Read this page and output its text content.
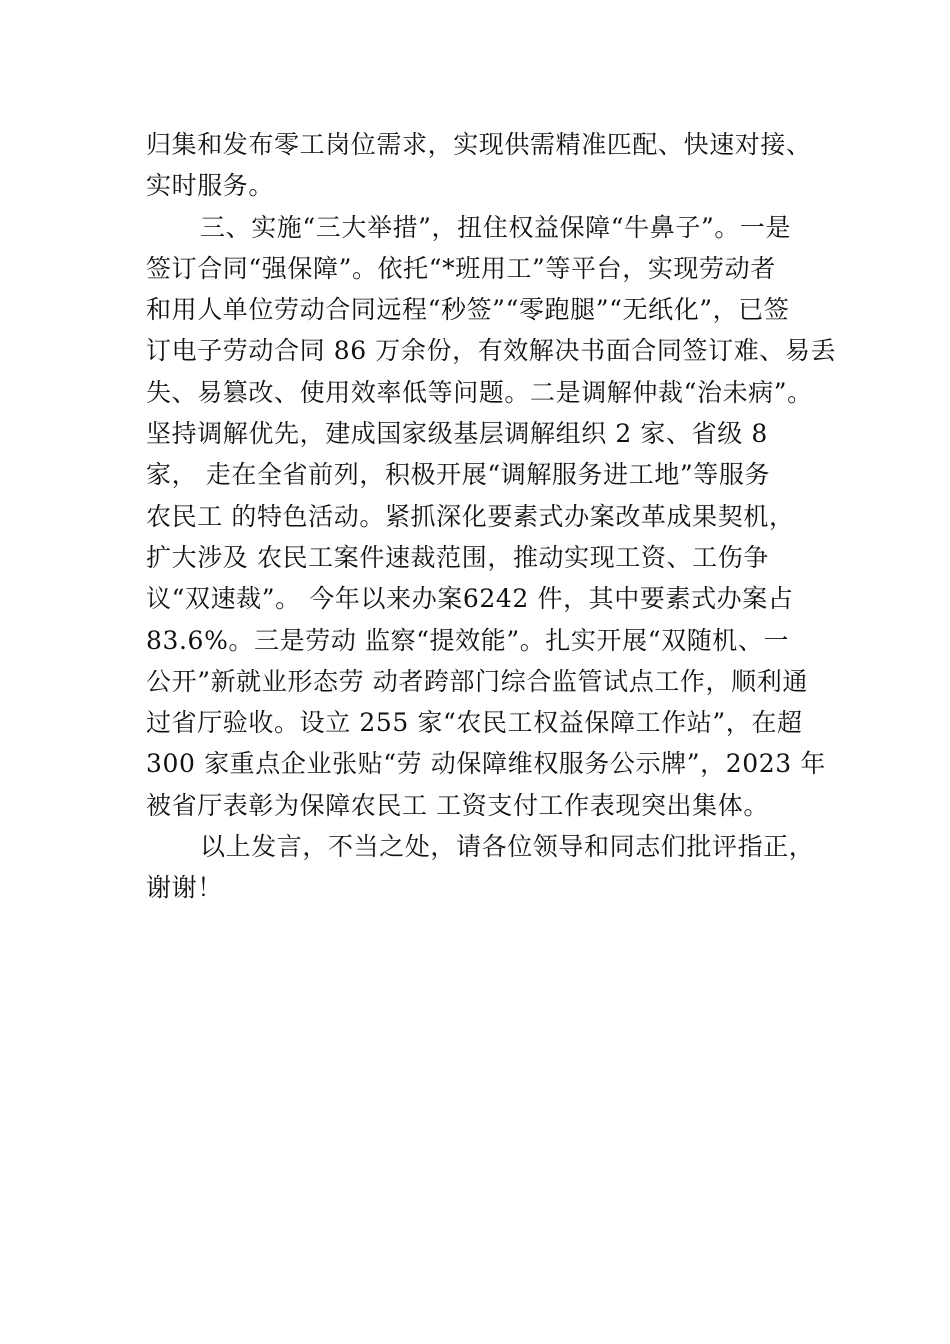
归集和发布零工岗位需求，实现供需精准匹配、快速对接、
实时服务。
三、实施“三大举措”，扭住权益保障“牛鼻子”。一是
签订合同“强保障”。依托“*班用工”等平台，实现劳动者
和用人单位劳动合同远程“秒签”“零跑腿”“无纸化”，已签
订电子劳动合同 86 万余份，有效解决书面合同签订难、易丢
失、易篡改、使用效率低等问题。二是调解仲裁“治未病”。
坚持调解优先，建成国家级基层调解组织 2 家、省级 8
家， 走在全省前列，积极开展“调解服务进工地”等服务
农民工 的特色活动。紧抓深化要素式办案改革成果契机，
扩大涉及 农民工案件速裁范围，推动实现工资、工伤争
议“双速裁”。 今年以来办案6242 件，其中要素式办案占
83.6%。三是劳动 监察“提效能”。扎实开展“双随机、一
公开”新就业形态劳 动者跨部门综合监管试点工作，顺利通
过省厅验收。设立 255 家“农民工权益保障工作站”，在超
300 家重点企业张贴“劳 动保障维权服务公示牌”，2023 年
被省厅表彰为保障农民工 工资支付工作表现突出集体。
以上发言，不当之处，请各位领导和同志们批评指正，
谢谢！
